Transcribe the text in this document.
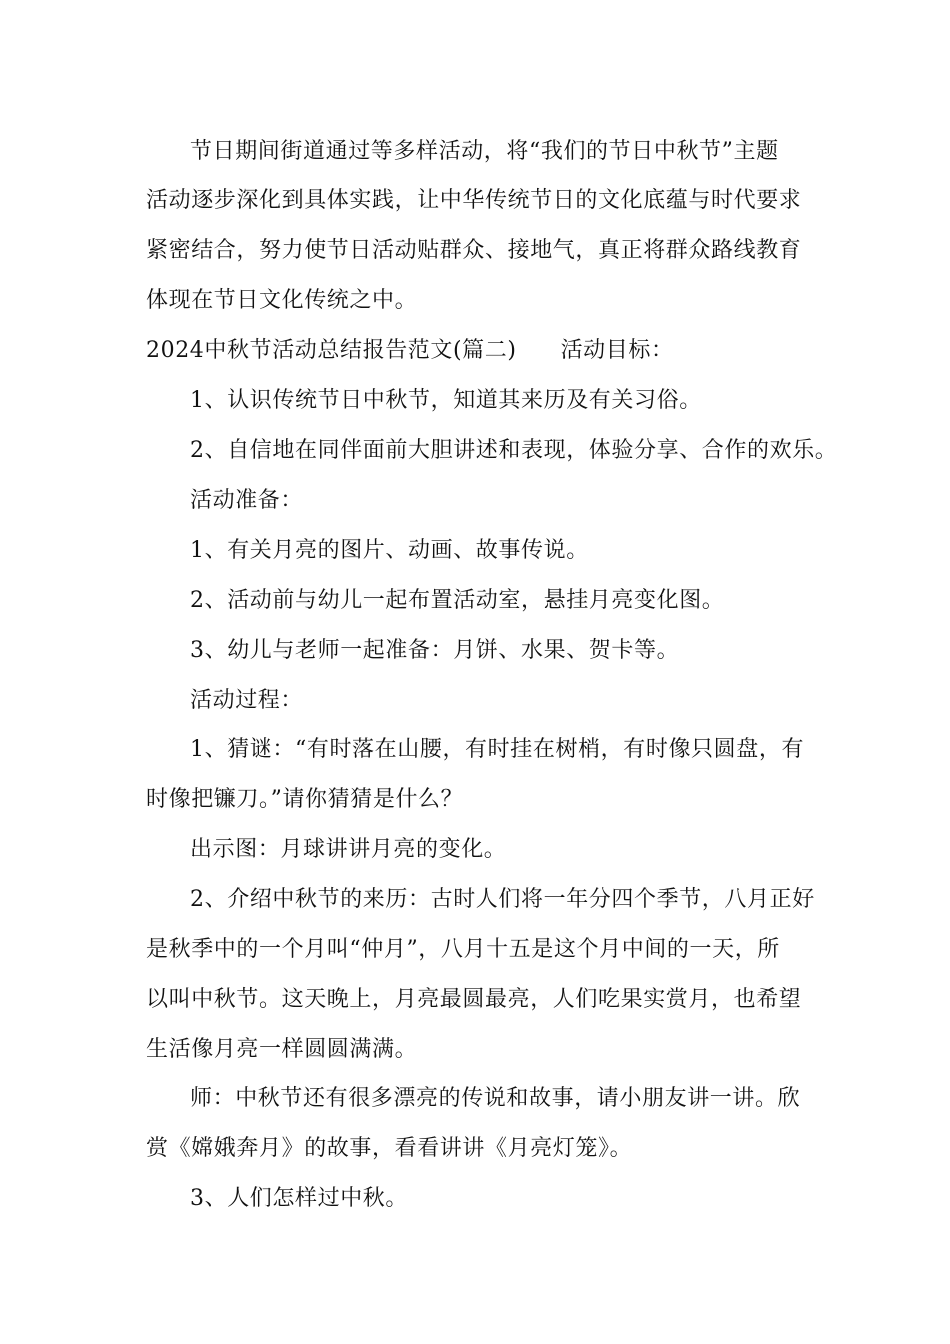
节日期间街道通过等多样活动，将“我们的节日中秋节”主题
活动逐步深化到具体实践，让中华传统节日的文化底蕴与时代要求
紧密结合，努力使节日活动贴群众、接地气，真正将群众路线教育
体现在节日文化传统之中。
2024中秋节活动总结报告范文(篇二) 活动目标：
1、认识传统节日中秋节，知道其来历及有关习俗。
2、自信地在同伴面前大胆讲述和表现，体验分享、合作的欢乐。
活动准备：
1、有关月亮的图片、动画、故事传说。
2、活动前与幼儿一起布置活动室，悬挂月亮变化图。
3、幼儿与老师一起准备：月饼、水果、贺卡等。
活动过程：
1、猜谜：“有时落在山腰，有时挂在树梢，有时像只圆盘，有
时像把镰刀。”请你猜猜是什么？
出示图：月球讲讲月亮的变化。
2、介绍中秋节的来历：古时人们将一年分四个季节，八月正好
是秋季中的一个月叫“仲月”，八月十五是这个月中间的一天，所
以叫中秋节。这天晚上，月亮最圆最亮，人们吃果实赏月，也希望
生活像月亮一样圆圆满满。
师：中秋节还有很多漂亮的传说和故事，请小朋友讲一讲。欣
赏《嫦娥奔月》的故事，看看讲讲《月亮灯笼》。
3、人们怎样过中秋。
